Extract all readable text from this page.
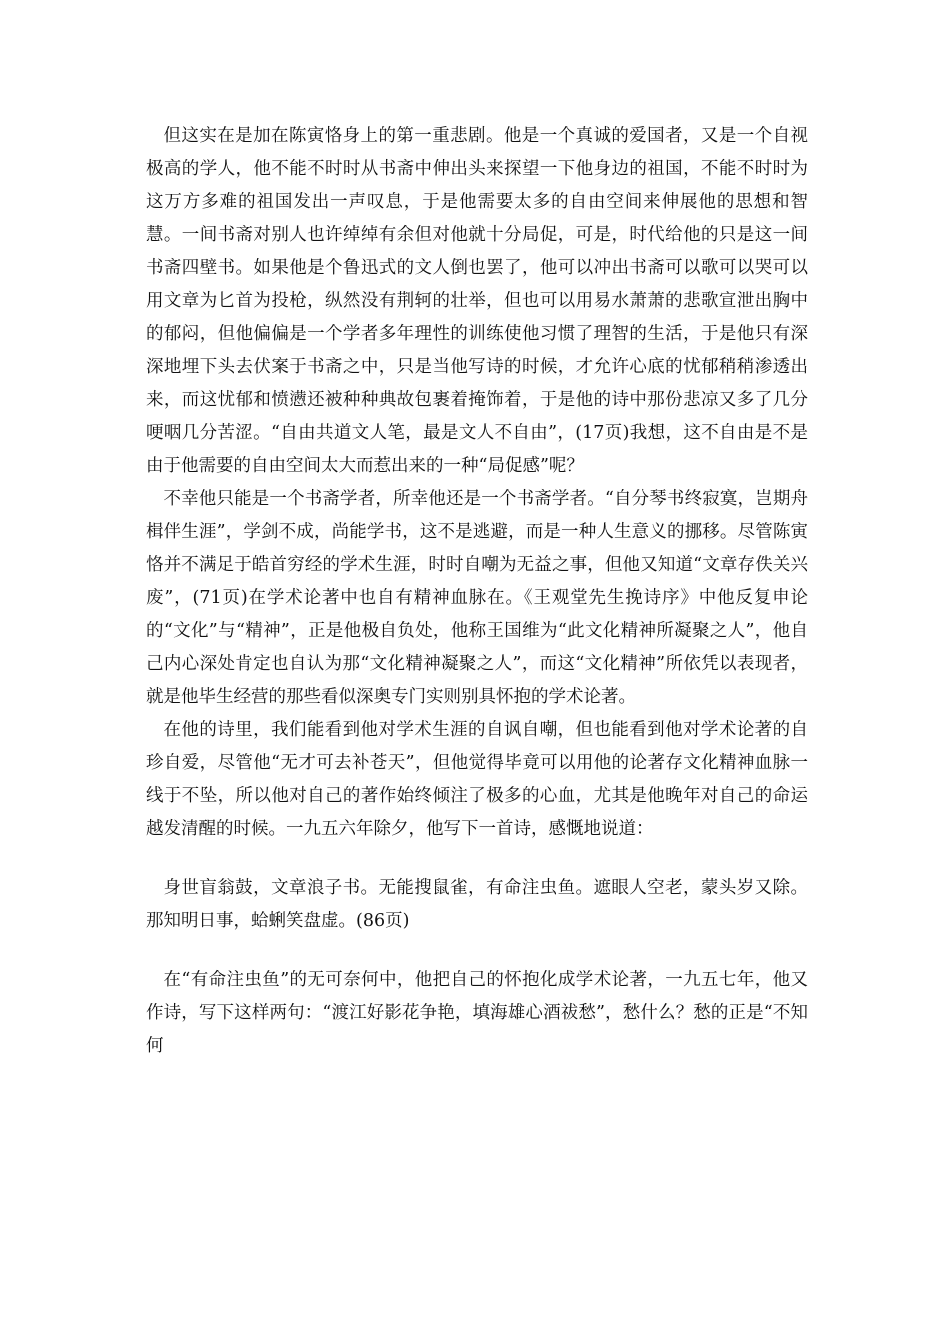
但这实在是加在陈寅恪身上的第一重悲剧。他是一个真诚的爱国者，又是一个自视极高的学人，他不能不时时从书斋中伸出头来探望一下他身边的祖国，不能不时时为这万方多难的祖国发出一声叹息，于是他需要太多的自由空间来伸展他的思想和智慧。一间书斋对别人也许绰绰有余但对他就十分局促，可是，时代给他的只是这一间书斋四壁书。如果他是个鲁迅式的文人倒也罢了，他可以冲出书斋可以歌可以哭可以用文章为匕首为投枪，纵然没有荆轲的壮举，但也可以用易水萧萧的悲歌宣泄出胸中的郁闷，但他偏偏是一个学者多年理性的训练使他习惯了理智的生活，于是他只有深深地埋下头去伏案于书斋之中，只是当他写诗的时候，才允许心底的忧郁稍稍渗透出来，而这忧郁和愤懑还被种种典故包裹着掩饰着，于是他的诗中那份悲凉又多了几分哽咽几分苦涩。“自由共道文人笔，最是文人不自由”，(17页)我想，这不自由是不是由于他需要的自由空间太大而惹出来的一种“局促感”呢？

不幸他只能是一个书斋学者，所幸他还是一个书斋学者。“自分琴书终寂寞，岂期舟楫伴生涯”，学剑不成，尚能学书，这不是逃避，而是一种人生意义的挪移。尽管陈寅恪并不满足于皓首穷经的学术生涯，时时自嘲为无益之事，但他又知道“文章存佚关兴废”，(71页)在学术论著中也自有精神血脉在。《王观堂先生挽诗序》中他反复申论的“文化”与“精神”，正是他极自负处，他称王国维为“此文化精神所凝聚之人”，他自己内心深处肯定也自认为那“文化精神凝聚之人”，而这“文化精神”所依凭以表现者，就是他毕生经营的那些看似深奥专门实则别具怀抱的学术论著。

在他的诗里，我们能看到他对学术生涯的自讽自嘲，但也能看到他对学术论著的自珍自爱，尽管他“无才可去补苍天”，但他觉得毕竟可以用他的论著存文化精神血脉一线于不坠，所以他对自己的著作始终倾注了极多的心血，尤其是他晚年对自己的命运越发清醒的时候。一九五六年除夕，他写下一首诗，感慨地说道：

身世盲翁鼓，文章浪子书。无能搜鼠雀，有命注虫鱼。遮眼人空老，蒙头岁又除。那知明日事，蛤蜊笑盘虚。(86页)

在“有命注虫鱼”的无可奈何中，他把自己的怀抱化成学术论著，一九五七年，他又作诗，写下这样两句：“渡江好影花争艳，填海雄心酒祓愁”，愁什么？愁的正是“不知何
